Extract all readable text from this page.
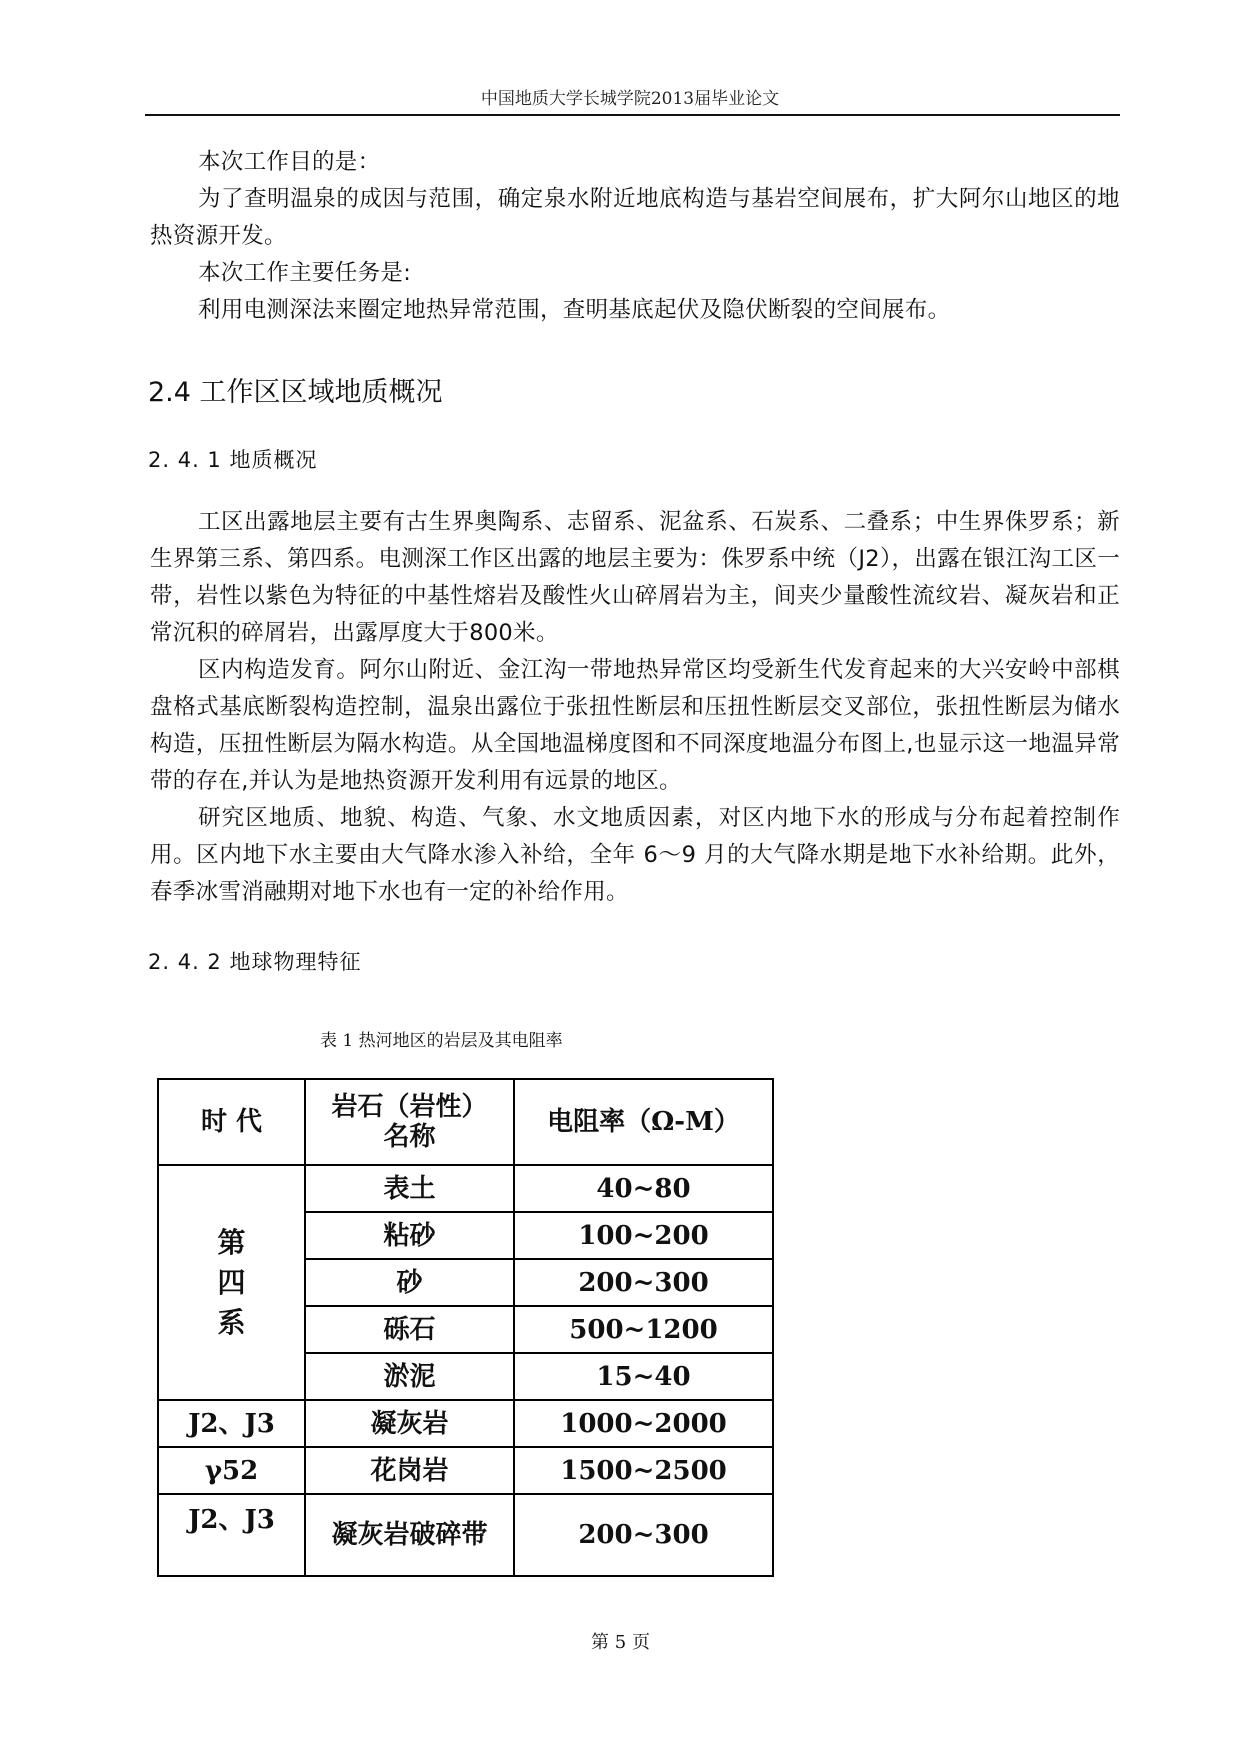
中国地质大学长城学院2013届毕业论文

本次工作目的是：

为了查明温泉的成因与范围，确定泉水附近地底构造与基岩空间展布，扩大阿尔山地区的地热资源开发。

本次工作主要任务是:

利用电测深法来圈定地热异常范围，查明基底起伏及隐伏断裂的空间展布。

2.4 工作区区域地质概况
2. 4. 1 地质概况

工区出露地层主要有古生界奥陶系、志留系、泥盆系、石炭系、二叠系；中生界侏罗系；新生界第三系、第四系。电测深工作区出露的地层主要为：侏罗系中统（J2），出露在银江沟工区一带，岩性以紫色为特征的中基性熔岩及酸性火山碎屑岩为主，间夹少量酸性流纹岩、凝灰岩和正常沉积的碎屑岩，出露厚度大于800米。

区内构造发育。阿尔山附近、金江沟一带地热异常区均受新生代发育起来的大兴安岭中部棋盘格式基底断裂构造控制，温泉出露位于张扭性断层和压扭性断层交叉部位，张扭性断层为储水构造，压扭性断层为隔水构造。从全国地温梯度图和不同深度地温分布图上,也显示这一地温异常带的存在,并认为是地热资源开发利用有远景的地区。

研究区地质、地貌、构造、气象、水文地质因素，对区内地下水的形成与分布起着控制作用。区内地下水主要由大气降水渗入补给，全年 6～9 月的大气降水期是地下水补给期。此外，春季冰雪消融期对地下水也有一定的补给作用。

2. 4. 2 地球物理特征

表 1 热河地区的岩层及其电阻率

时 代	岩石（岩性）名称	电阻率（Ω-M）
第四系	表土	40~80
	粘砂	100~200
	砂	200~300
	砾石	500~1200
	淤泥	15~40
J2、J3	凝灰岩	1000~2000
γ52	花岗岩	1500~2500
J2、J3	凝灰岩破碎带	200~300
第 5 页
